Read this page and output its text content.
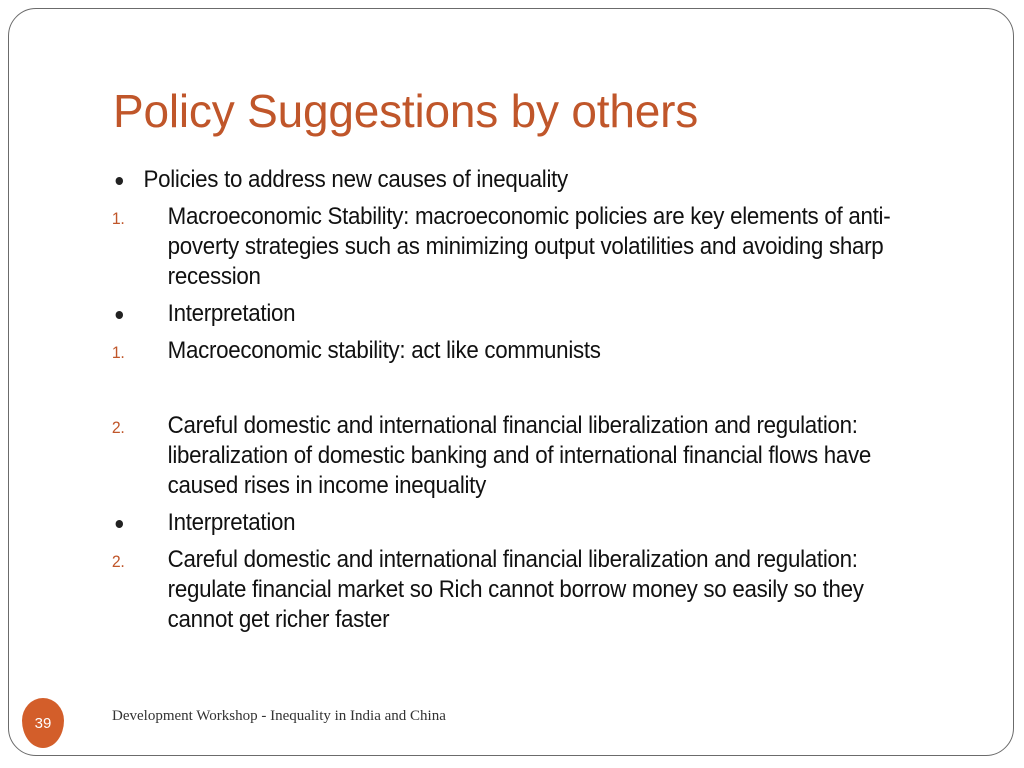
Policy Suggestions by others
Policies to address new causes of inequality
1. Macroeconomic Stability: macroeconomic policies are key elements of anti-poverty strategies such as minimizing output volatilities and avoiding sharp recession
Interpretation
1. Macroeconomic stability: act like communists
2. Careful domestic and international financial liberalization and regulation: liberalization of domestic banking and of international financial flows have caused rises in income inequality
Interpretation
2. Careful domestic and international financial liberalization and regulation: regulate financial market so Rich cannot borrow money so easily so they cannot get richer faster
39	Development Workshop - Inequality in India and China
